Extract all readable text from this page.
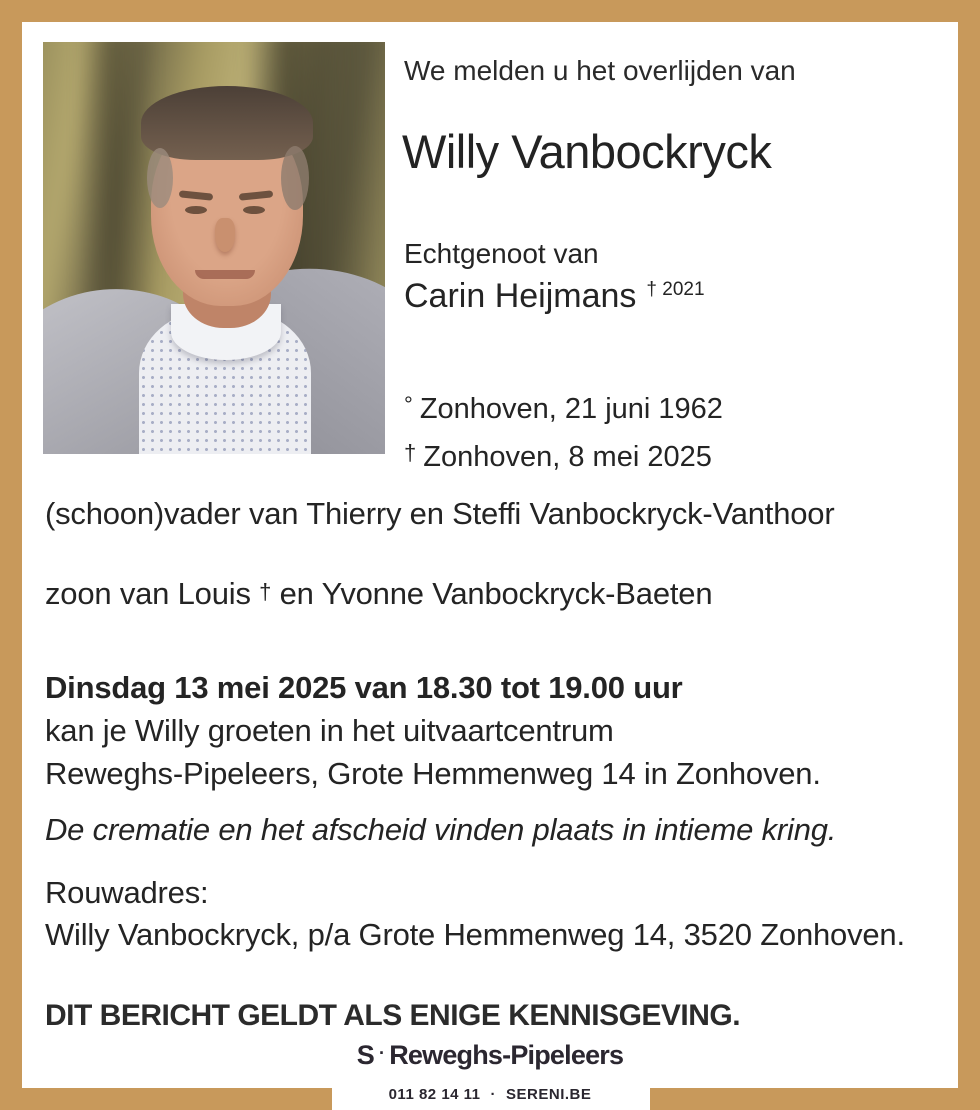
We melden u het overlijden van
Willy Vanbockryck
Echtgenoot van
Carin Heijmans $^{\dagger 2021}$
° Zonhoven, 21 juni 1962
† Zonhoven, 8 mei 2025
(schoon)vader van Thierry en Steffi Vanbockryck-Vanthoor
zoon van Louis † en Yvonne Vanbockryck-Baeten
Dinsdag 13 mei 2025 van 18.30 tot 19.00 uur
kan je Willy groeten in het uitvaartcentrum
Reweghs-Pipeleers, Grote Hemmenweg 14 in Zonhoven.
De crematie en het afscheid vinden plaats in intieme kring.
Rouwadres:
Willy Vanbockryck, p/a Grote Hemmenweg 14, 3520 Zonhoven.
DIT BERICHT GELDT ALS ENIGE KENNISGEVING.
S · Reweghs-Pipeleers
011 82 14 11 · SERENI.BE
